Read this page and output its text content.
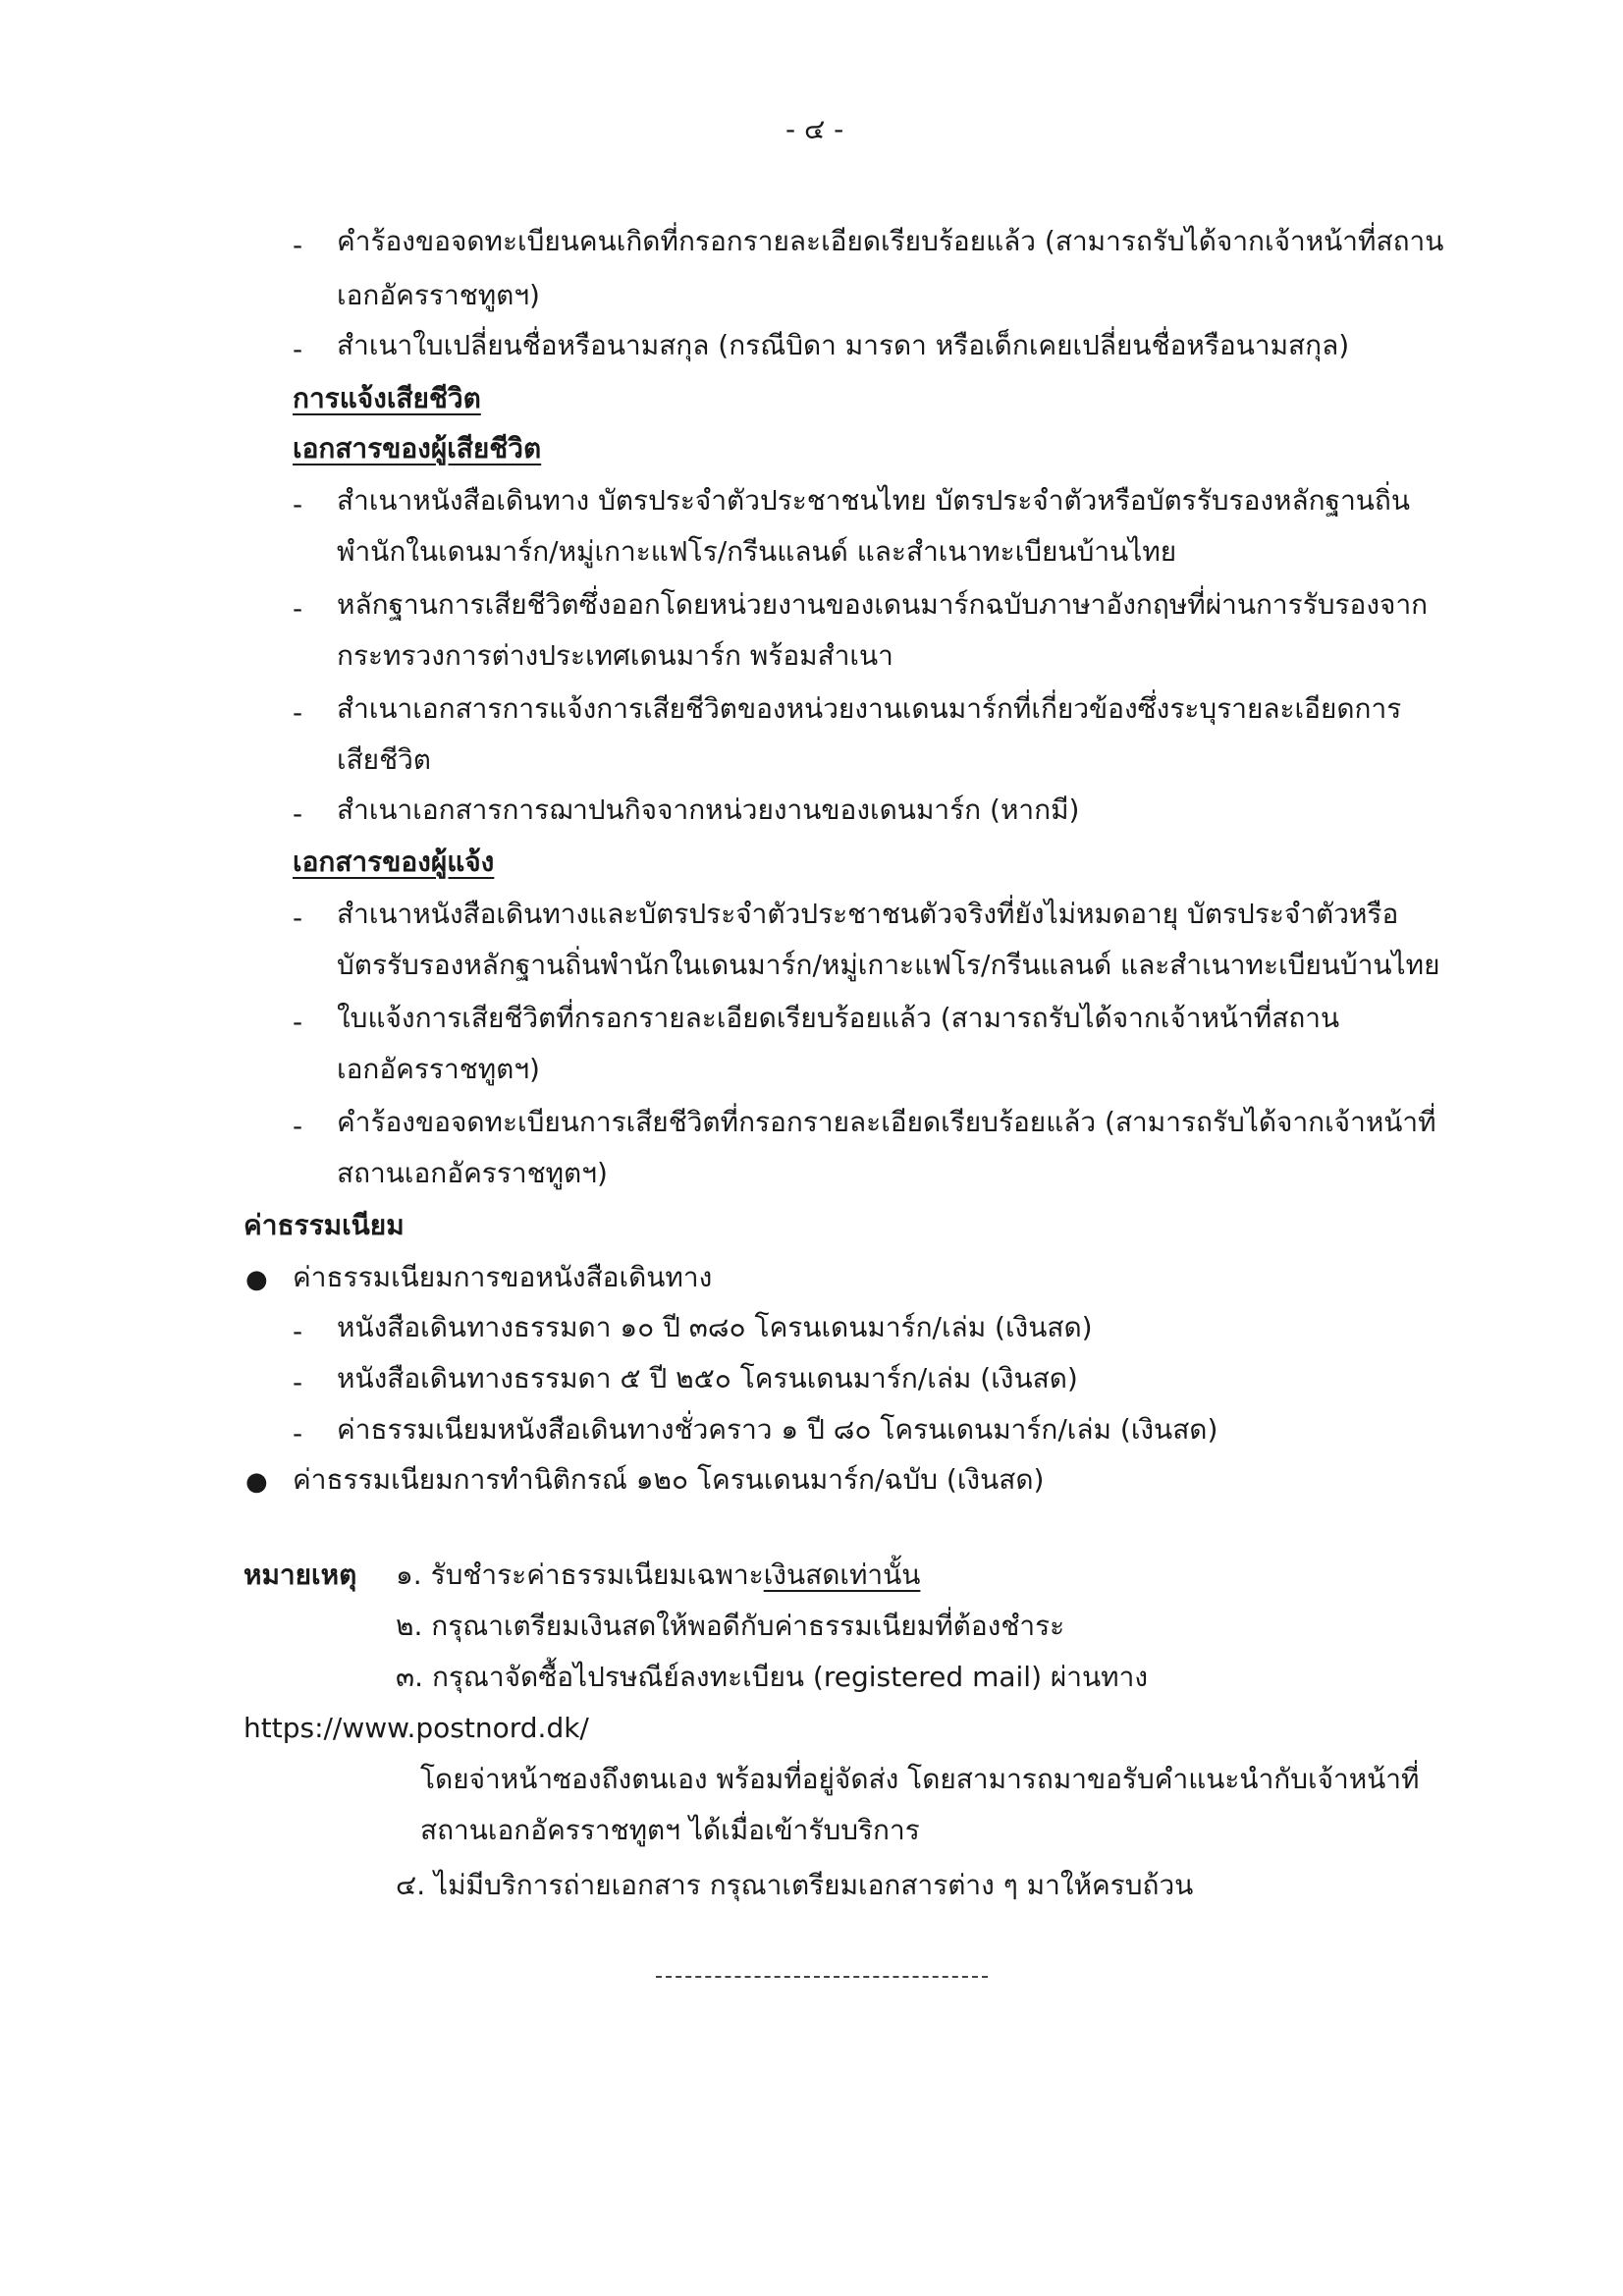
- ๔ -
- คำร้องขอจดทะเบียนคนเกิดที่กรอกรายละเอียดเรียบร้อยแล้ว (สามารถรับได้จากเจ้าหน้าที่สถาน
เอกอัครราชทูตฯ)
- สำเนาใบเปลี่ยนชื่อหรือนามสกุล (กรณีบิดา มารดา หรือเด็กเคยเปลี่ยนชื่อหรือนามสกุล)
การแจ้งเสียชีวิต
เอกสารของผู้เสียชีวิต
- สำเนาหนังสือเดินทาง บัตรประจำตัวประชาชนไทย บัตรประจำตัวหรือบัตรรับรองหลักฐานถิ่น
พำนักในเดนมาร์ก/หมู่เกาะแฟโร/กรีนแลนด์ และสำเนาทะเบียนบ้านไทย
- หลักฐานการเสียชีวิตซึ่งออกโดยหน่วยงานของเดนมาร์กฉบับภาษาอังกฤษที่ผ่านการรับรองจาก
กระทรวงการต่างประเทศเดนมาร์ก พร้อมสำเนา
- สำเนาเอกสารการแจ้งการเสียชีวิตของหน่วยงานเดนมาร์กที่เกี่ยวข้องซึ่งระบุรายละเอียดการ
เสียชีวิต
- สำเนาเอกสารการฌาปนกิจจากหน่วยงานของเดนมาร์ก (หากมี)
เอกสารของผู้แจ้ง
- สำเนาหนังสือเดินทางและบัตรประจำตัวประชาชนตัวจริงที่ยังไม่หมดอายุ บัตรประจำตัวหรือ
บัตรรับรองหลักฐานถิ่นพำนักในเดนมาร์ก/หมู่เกาะแฟโร/กรีนแลนด์ และสำเนาทะเบียนบ้านไทย
- ใบแจ้งการเสียชีวิตที่กรอกรายละเอียดเรียบร้อยแล้ว (สามารถรับได้จากเจ้าหน้าที่สถาน
เอกอัครราชทูตฯ)
- คำร้องขอจดทะเบียนการเสียชีวิตที่กรอกรายละเอียดเรียบร้อยแล้ว (สามารถรับได้จากเจ้าหน้าที่
สถานเอกอัครราชทูตฯ)
ค่าธรรมเนียม
● ค่าธรรมเนียมการขอหนังสือเดินทาง
- หนังสือเดินทางธรรมดา ๑๐ ปี ๓๘๐ โครนเดนมาร์ก/เล่ม (เงินสด)
- หนังสือเดินทางธรรมดา ๕ ปี ๒๕๐ โครนเดนมาร์ก/เล่ม (เงินสด)
- ค่าธรรมเนียมหนังสือเดินทางชั่วคราว ๑ ปี ๘๐ โครนเดนมาร์ก/เล่ม (เงินสด)
● ค่าธรรมเนียมการทำนิติกรณ์ ๑๒๐ โครนเดนมาร์ก/ฉบับ (เงินสด)
หมายเหตุ ๑. รับชำระค่าธรรมเนียมเฉพาะเงินสดเท่านั้น
๒. กรุณาเตรียมเงินสดให้พอดีกับค่าธรรมเนียมที่ต้องชำระ
๓. กรุณาจัดซื้อไปรษณีย์ลงทะเบียน (registered mail) ผ่านทาง
https://www.postnord.dk/
โดยจ่าหน้าซองถึงตนเอง พร้อมที่อยู่จัดส่ง โดยสามารถมาขอรับคำแนะนำกับเจ้าหน้าที่
สถานเอกอัครราชทูตฯ ได้เมื่อเข้ารับบริการ
๔. ไม่มีบริการถ่ายเอกสาร กรุณาเตรียมเอกสารต่าง ๆ มาให้ครบถ้วน
